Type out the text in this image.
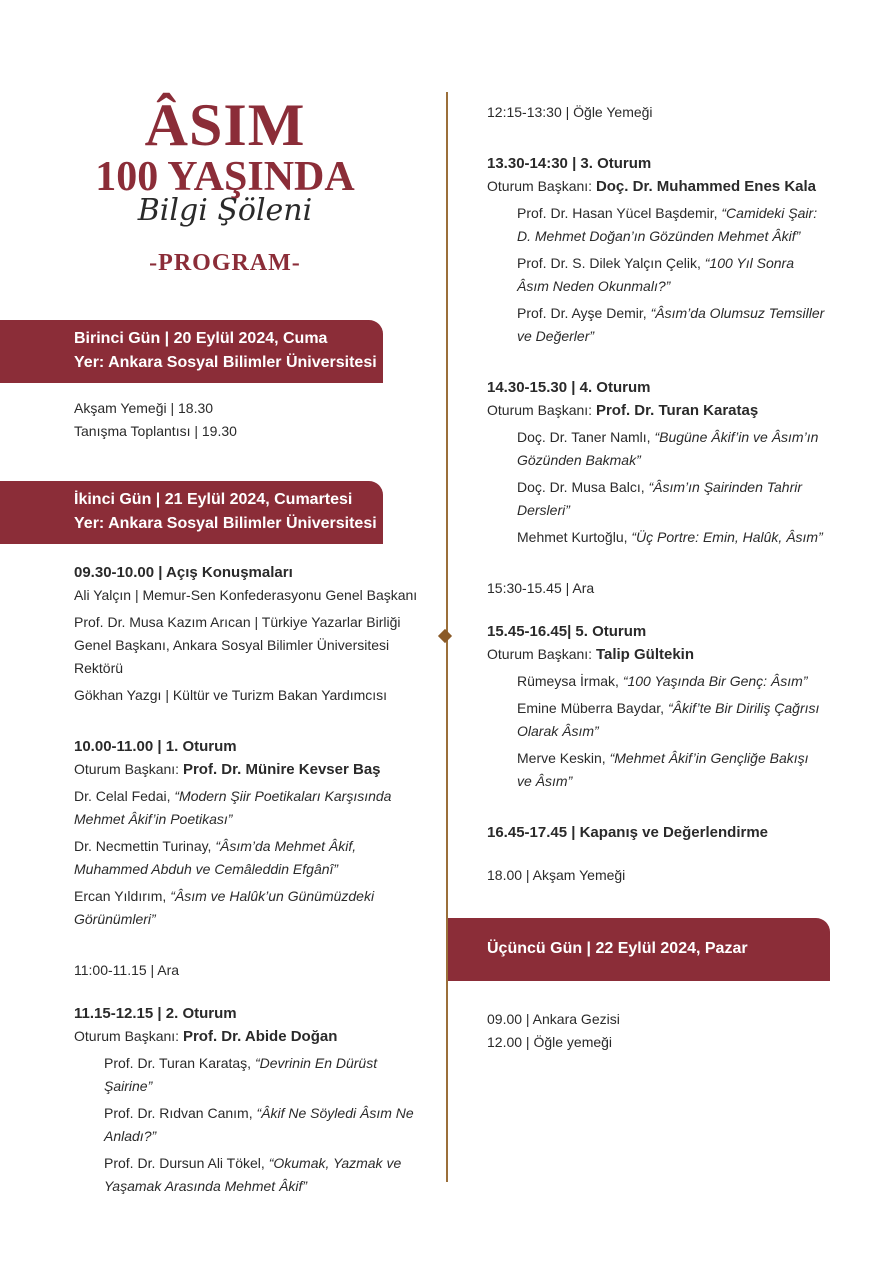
ÂSIM
100 YAŞINDA
Bilgi Şöleni
-PROGRAM-
Birinci Gün | 20 Eylül 2024, Cuma
Yer: Ankara Sosyal Bilimler Üniversitesi

Akşam Yemeği | 18.30

Tanışma Toplantısı | 19.30

İkinci Gün | 21 Eylül 2024, Cumartesi
Yer: Ankara Sosyal Bilimler Üniversitesi

09.30-10.00 | Açış Konuşmaları

Ali Yalçın | Memur-Sen Konfederasyonu Genel Başkanı

Prof. Dr. Musa Kazım Arıcan | Türkiye Yazarlar Birliği Genel Başkanı, Ankara Sosyal Bilimler Üniversitesi Rektörü

Gökhan Yazgı | Kültür ve Turizm Bakan Yardımcısı

10.00-11.00 | 1. Oturum

Oturum Başkanı: Prof. Dr. Münire Kevser Baş

Dr. Celal Fedai, “Modern Şiir Poetikaları Karşısında Mehmet Âkif’in Poetikası”

Dr. Necmettin Turinay, “Âsım’da Mehmet Âkif, Muhammed Abduh ve Cemâleddin Efgânî”

Ercan Yıldırım, “Âsım ve Halûk’un Günümüzdeki Görünümleri”

11:00-11.15 | Ara

11.15-12.15 | 2. Oturum

Oturum Başkanı: Prof. Dr. Abide Doğan

Prof. Dr. Turan Karataş, “Devrinin En Dürüst Şairine”

Prof. Dr. Rıdvan Canım, “Âkif Ne Söyledi Âsım Ne Anladı?”

Prof. Dr. Dursun Ali Tökel, “Okumak, Yazmak ve Yaşamak Arasında Mehmet Âkif”

12:15-13:30 | Öğle Yemeği

13.30-14:30 | 3. Oturum

Oturum Başkanı: Doç. Dr. Muhammed Enes Kala

Prof. Dr. Hasan Yücel Başdemir, “Camideki Şair: D. Mehmet Doğan’ın Gözünden Mehmet Âkif”

Prof. Dr. S. Dilek Yalçın Çelik, “100 Yıl Sonra Âsım Neden Okunmalı?”

Prof. Dr. Ayşe Demir, “Âsım’da Olumsuz Temsiller ve Değerler”

14.30-15.30 | 4. Oturum

Oturum Başkanı: Prof. Dr. Turan Karataş

Doç. Dr. Taner Namlı, “Bugüne Âkif’in ve Âsım’ın Gözünden Bakmak”

Doç. Dr. Musa Balcı, “Âsım’ın Şairinden Tahrir Dersleri”

Mehmet Kurtoğlu, “Üç Portre: Emin, Halûk, Âsım”

15:30-15.45 | Ara

15.45-16.45| 5. Oturum

Oturum Başkanı: Talip Gültekin

Rümeysa İrmak, “100 Yaşında Bir Genç: Âsım”

Emine Müberra Baydar, “Âkif’te Bir Diriliş Çağrısı Olarak Âsım”

Merve Keskin, “Mehmet Âkif’in Gençliğe Bakışı ve Âsım”

16.45-17.45 | Kapanış ve Değerlendirme

18.00 | Akşam Yemeği

Üçüncü Gün | 22 Eylül 2024, Pazar

09.00 | Ankara Gezisi

12.00 | Öğle yemeği
